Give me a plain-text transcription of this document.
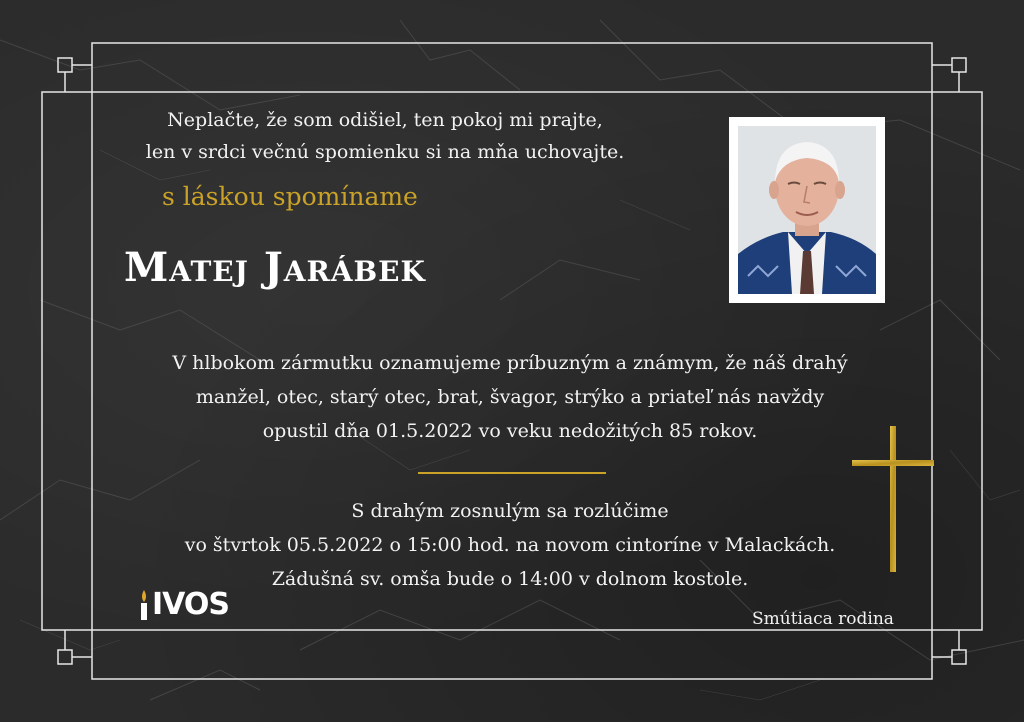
Neplačte, že som odišiel, ten pokoj mi prajte,
len v srdci večnú spomienku si na mňa uchovajte.
s láskou spomíname
Matej Jarábek
V hlbokom zármutku oznamujeme príbuzným a známym, že náš drahý
manžel, otec, starý otec, brat, švagor, strýko a priateľ nás navždy
opustil dňa 01.5.2022 vo veku nedožitých 85 rokov.
S drahým zosnulým sa rozlúčime
vo štvrtok 05.5.2022 o 15:00 hod. na novom cintoríne v Malackách.
Zádušná sv. omša bude o 14:00 v dolnom kostole.
IVOS	Smútiaca rodina
